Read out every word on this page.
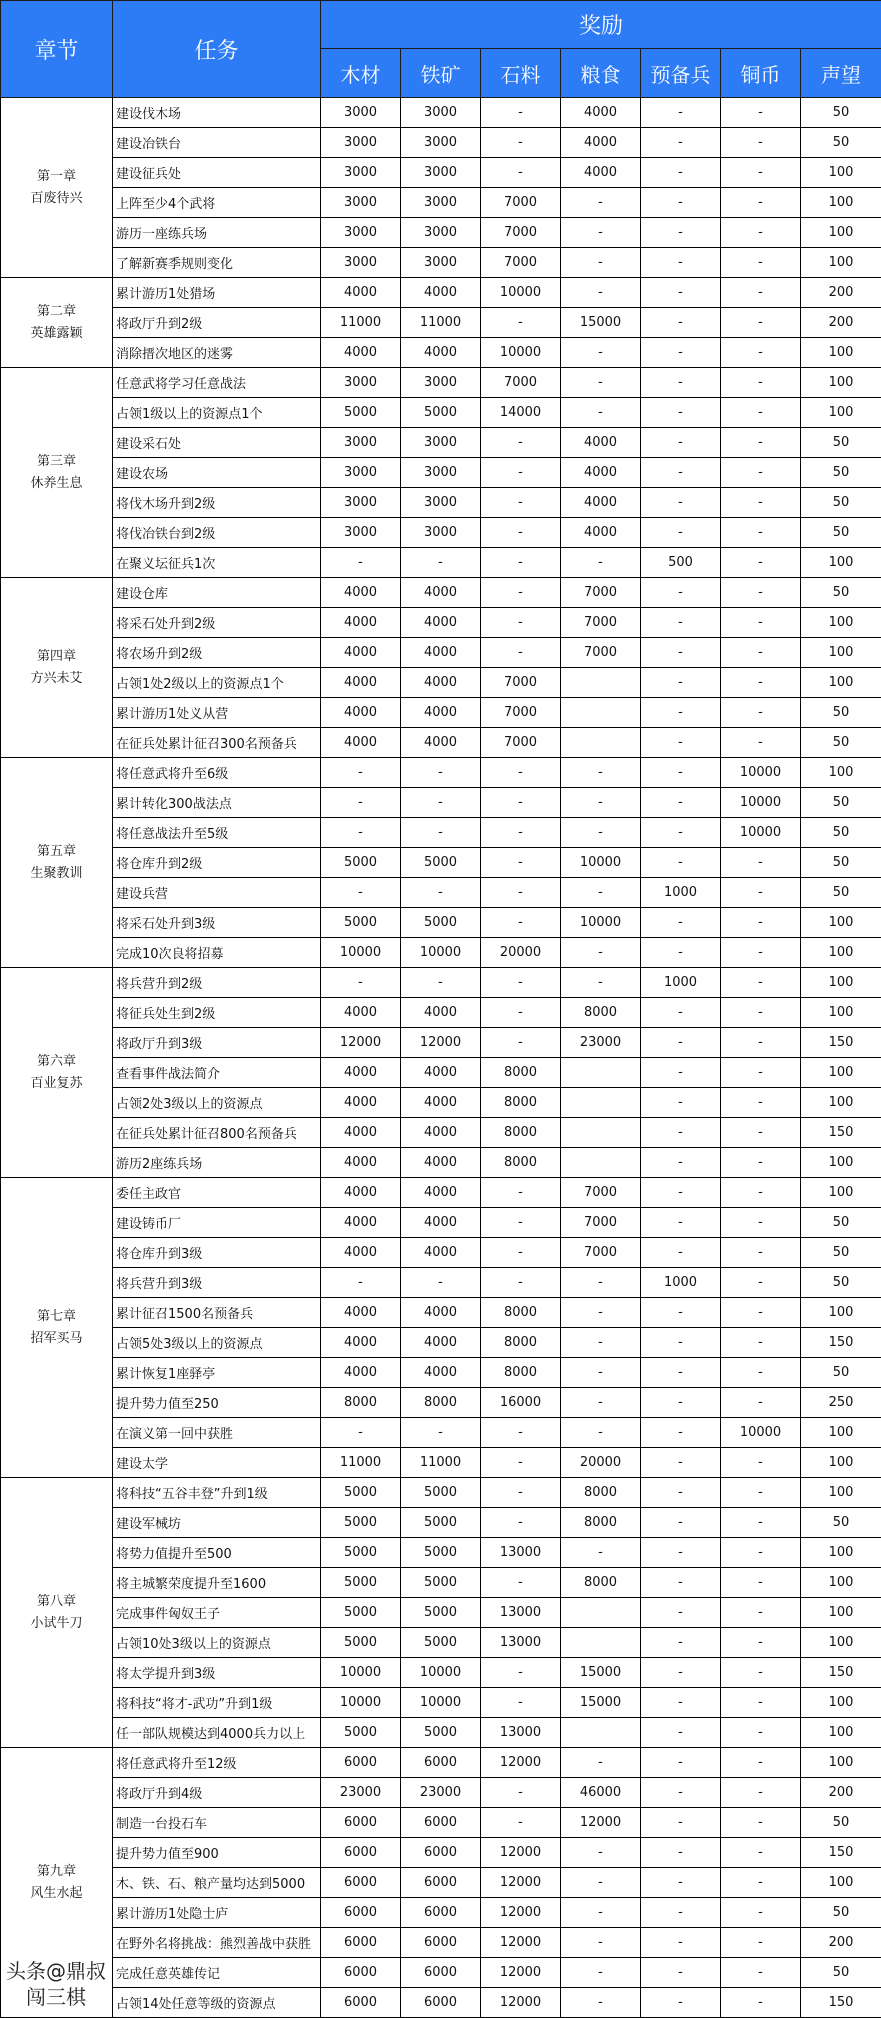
章节	任务	奖励						
		木材	铁矿	石料	粮食	预备兵	铜币	声望

第一章
百废待兴	建设伐木场	3000	3000	-	4000	-	-	50
	建设冶铁台	3000	3000	-	4000	-	-	50
	建设征兵处	3000	3000	-	4000	-	-	100
	上阵至少4个武将	3000	3000	7000	-	-	-	100
	游历一座练兵场	3000	3000	7000	-	-	-	100
	了解新赛季规则变化	3000	3000	7000	-	-	-	100

第二章
英雄露颖	累计游历1处猎场	4000	4000	10000	-	-	-	200
	将政厅升到2级	11000	11000	-	15000	-	-	200
	消除搢次地区的迷雾	4000	4000	10000	-	-	-	100

第三章
休养生息	任意武将学习任意战法	3000	3000	7000	-	-	-	100
	占领1级以上的资源点1个	5000	5000	14000	-	-	-	100
	建设采石处	3000	3000	-	4000	-	-	50
	建设农场	3000	3000	-	4000	-	-	50
	将伐木场升到2级	3000	3000	-	4000	-	-	50
	将伐冶铁台到2级	3000	3000	-	4000	-	-	50
	在聚义坛征兵1次	-	-	-	-	500	-	100

第四章
方兴未艾	建设仓库	4000	4000	-	7000	-	-	50
	将采石处升到2级	4000	4000	-	7000	-	-	100
	将农场升到2级	4000	4000	-	7000	-	-	100
	占领1处2级以上的资源点1个	4000	4000	7000		-	-	100
	累计游历1处义从营	4000	4000	7000		-	-	50
	在征兵处累计征召300名预备兵	4000	4000	7000		-	-	50

第五章
生聚教训	将任意武将升至6级	-	-	-	-	-	10000	100
	累计转化300战法点	-	-	-	-	-	10000	50
	将任意战法升至5级	-	-	-	-	-	10000	50
	将仓库升到2级	5000	5000	-	10000	-	-	50
	建设兵营	-	-	-	-	1000	-	50
	将采石处升到3级	5000	5000	-	10000	-	-	100
	完成10次良将招募	10000	10000	20000	-	-	-	100

第六章
百业复苏	将兵营升到2级	-	-	-	-	1000	-	100
	将征兵处生到2级	4000	4000	-	8000	-	-	100
	将政厅升到3级	12000	12000	-	23000	-	-	150
	查看事件战法简介	4000	4000	8000		-	-	100
	占领2处3级以上的资源点	4000	4000	8000		-	-	100
	在征兵处累计征召800名预备兵	4000	4000	8000		-	-	150
	游历2座练兵场	4000	4000	8000		-	-	100

第七章
招军买马	委任主政官	4000	4000	-	7000	-	-	100
	建设铸币厂	4000	4000	-	7000	-	-	50
	将仓库升到3级	4000	4000	-	7000	-	-	50
	将兵营升到3级	-	-	-	-	1000	-	50
	累计征召1500名预备兵	4000	4000	8000	-	-	-	100
	占领5处3级以上的资源点	4000	4000	8000	-	-	-	150
	累计恢复1座驿亭	4000	4000	8000	-	-	-	50
	提升势力值至250	8000	8000	16000	-	-	-	250
	在演义第一回中获胜	-	-	-	-	-	10000	100
	建设太学	11000	11000	-	20000	-	-	100

第八章
小试牛刀	将科技“五谷丰登”升到1级	5000	5000	-	8000	-	-	100
	建设军械坊	5000	5000	-	8000	-	-	50
	将势力值提升至500	5000	5000	13000	-	-	-	100
	将主城繁荣度提升至1600	5000	5000	-	8000	-	-	100
	完成事件匈奴王子	5000	5000	13000		-	-	100
	占领10处3级以上的资源点	5000	5000	13000		-	-	100
	将太学提升到3级	10000	10000	-	15000	-	-	150
	将科技“将才-武功”升到1级	10000	10000	-	15000	-	-	100
	任一部队规模达到4000兵力以上	5000	5000	13000		-	-	100

第九章
风生水起	将任意武将升至12级	6000	6000	12000	-	-	-	100
	将政厅升到4级	23000	23000	-	46000	-	-	200
	制造一台投石车	6000	6000	-	12000	-	-	50
	提升势力值至900	6000	6000	12000	-	-	-	150
	木、铁、石、粮产量均达到5000	6000	6000	12000	-	-	-	100
	累计游历1处隐士庐	6000	6000	12000	-	-	-	50
	在野外名将挑战：熊烈善战中获胜	6000	6000	12000	-	-	-	200
	完成任意英雄传记	6000	6000	12000	-	-	-	50
	占领14处任意等级的资源点	6000	6000	12000	-	-	-	150
头条@鼎叔闯三棋
